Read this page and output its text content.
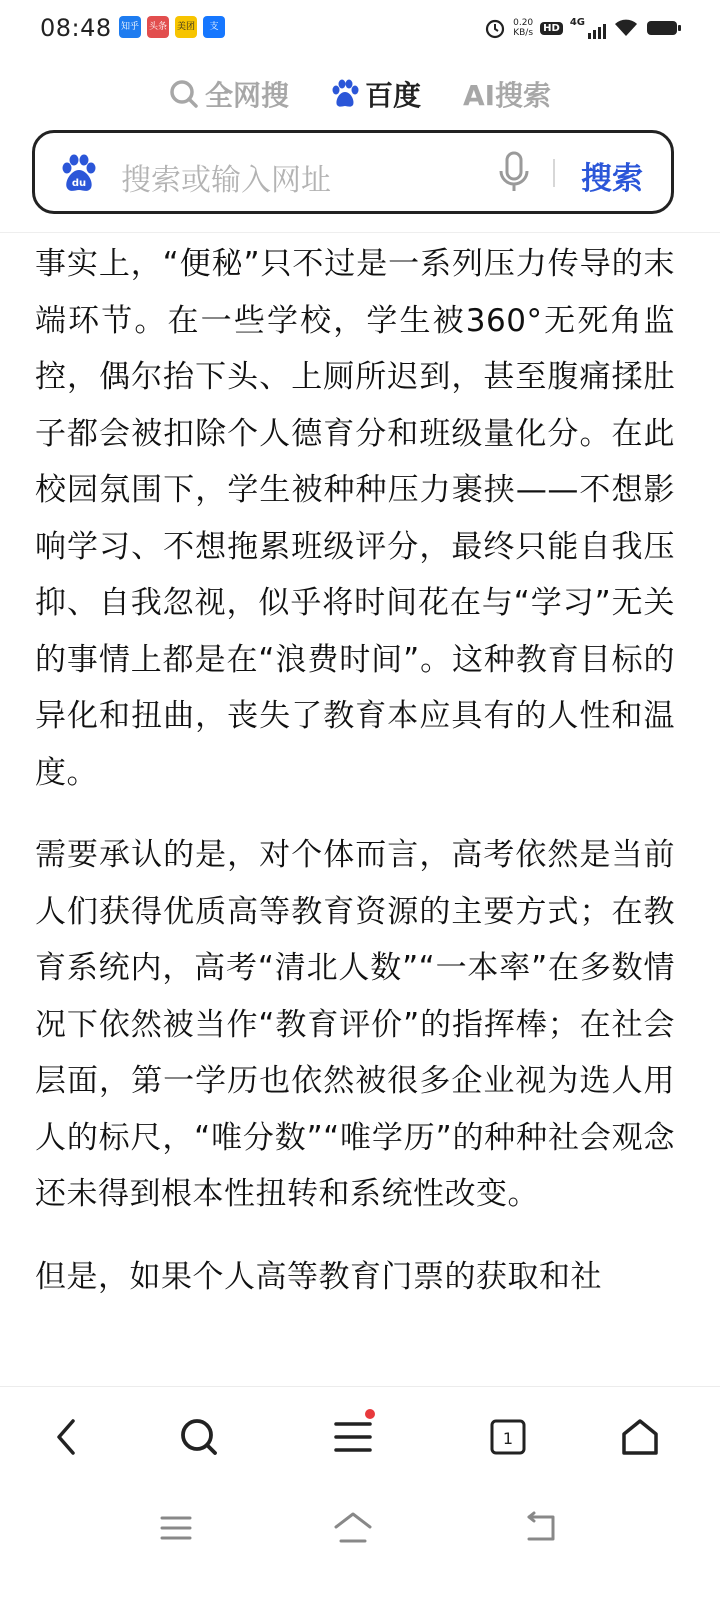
08:48 知乎 头条 美团	支	0.20
KB/s	HD	4G
全网搜	百度 AI搜索
du 搜索或输入网址	搜索

事实上，“便秘”只不过是一系列压力传导的末端环节。在一些学校，学生被360°无死角监控，偶尔抬下头、上厕所迟到，甚至腹痛揉肚子都会被扣除个人德育分和班级量化分。在此校园氛围下，学生被种种压力裹挟——不想影响学习、不想拖累班级评分，最终只能自我压抑、自我忽视，似乎将时间花在与“学习”无关的事情上都是在“浪费时间”。这种教育目标的异化和扭曲，丧失了教育本应具有的人性和温度。

需要承认的是，对个体而言，高考依然是当前人们获得优质高等教育资源的主要方式；在教育系统内，高考“清北人数”“一本率”在多数情况下依然被当作“教育评价”的指挥棒；在社会层面，第一学历也依然被很多企业视为选人用人的标尺，“唯分数”“唯学历”的种种社会观念还未得到根本性扭转和系统性改变。

但是，如果个人高等教育门票的获取和社

1
